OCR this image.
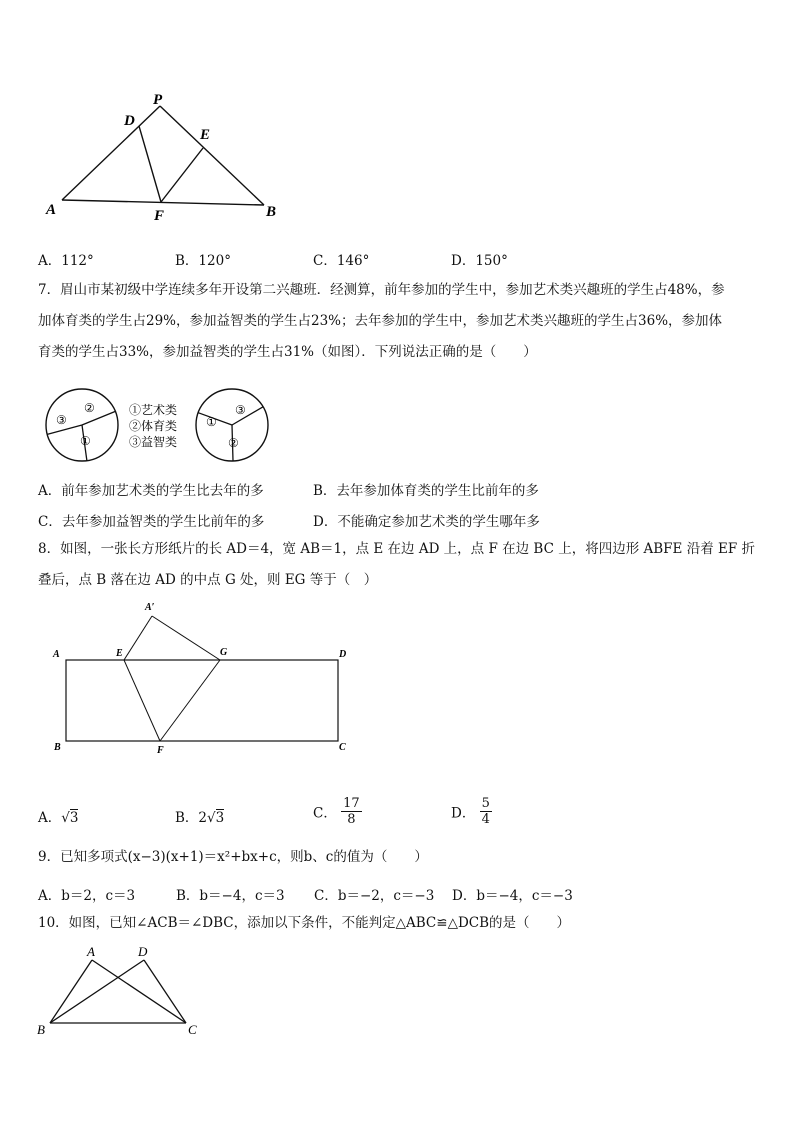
P
D
E
A	F	B
A．112°	B．120°	C．146°	D．150°
7．眉山市某初级中学连续多年开设第二兴趣班．经测算，前年参加的学生中，参加艺术类兴趣班的学生占48%，参
加体育类的学生占29%，参加益智类的学生占23%；去年参加的学生中，参加艺术类兴趣班的学生占36%，参加体
育类的学生占33%，参加益智类的学生占31%（如图）．下列说法正确的是（　　）
③
②
①
①艺术类
②体育类
③益智类
①
③
②
A．前年参加艺术类的学生比去年的多	B．去年参加体育类的学生比前年的多
C．去年参加益智类的学生比前年的多	D．不能确定参加艺术类的学生哪年多
8．如图，一张长方形纸片的长 AD＝4，宽 AB＝1，点 E 在边 AD 上，点 F 在边 BC 上，将四边形 ABFE 沿着 EF 折
叠后，点 B 落在边 AD 的中点 G 处，则 EG 等于（　）
A′
A	E	G	D
B	F	C
A．√3	B．2√3	C． $\frac{17}{8}$	D． $\frac{5}{4}$
9．已知多项式(x−3)(x+1)＝x²+bx+c，则b、c的值为（　　）
A．b＝2，c＝3	B．b＝−4，c＝3 C．b＝−2，c＝−3 D．b＝−4，c＝−3
10．如图，已知∠ACB＝∠DBC，添加以下条件，不能判定△ABC≌△DCB的是（　　）
A	D
B	C
